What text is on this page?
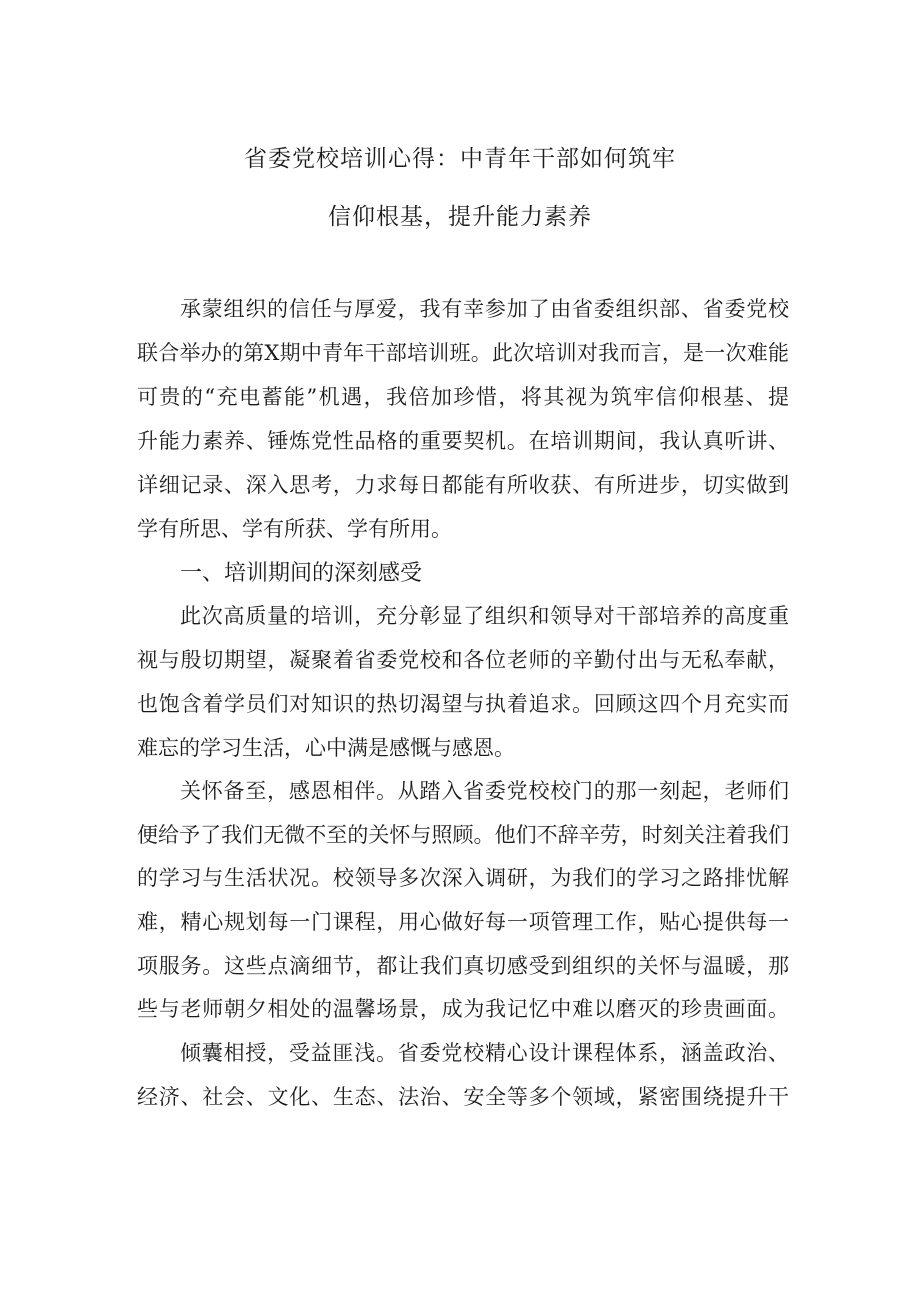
省委党校培训心得：中青年干部如何筑牢
信仰根基，提升能力素养
承蒙组织的信任与厚爱，我有幸参加了由省委组织部、省委党校
联合举办的第X期中青年干部培训班。此次培训对我而言，是一次难能
可贵的“充电蓄能”机遇，我倍加珍惜，将其视为筑牢信仰根基、提
升能力素养、锤炼党性品格的重要契机。在培训期间，我认真听讲、
详细记录、深入思考，力求每日都能有所收获、有所进步，切实做到
学有所思、学有所获、学有所用。
一、培训期间的深刻感受
此次高质量的培训，充分彰显了组织和领导对干部培养的高度重
视与殷切期望，凝聚着省委党校和各位老师的辛勤付出与无私奉献，
也饱含着学员们对知识的热切渴望与执着追求。回顾这四个月充实而
难忘的学习生活，心中满是感慨与感恩。
关怀备至，感恩相伴。从踏入省委党校校门的那一刻起，老师们
便给予了我们无微不至的关怀与照顾。他们不辞辛劳，时刻关注着我们
的学习与生活状况。校领导多次深入调研，为我们的学习之路排忧解
难，精心规划每一门课程，用心做好每一项管理工作，贴心提供每一
项服务。这些点滴细节，都让我们真切感受到组织的关怀与温暖，那
些与老师朝夕相处的温馨场景，成为我记忆中难以磨灭的珍贵画面。
倾囊相授，受益匪浅。省委党校精心设计课程体系，涵盖政治、
经济、社会、文化、生态、法治、安全等多个领域，紧密围绕提升干
